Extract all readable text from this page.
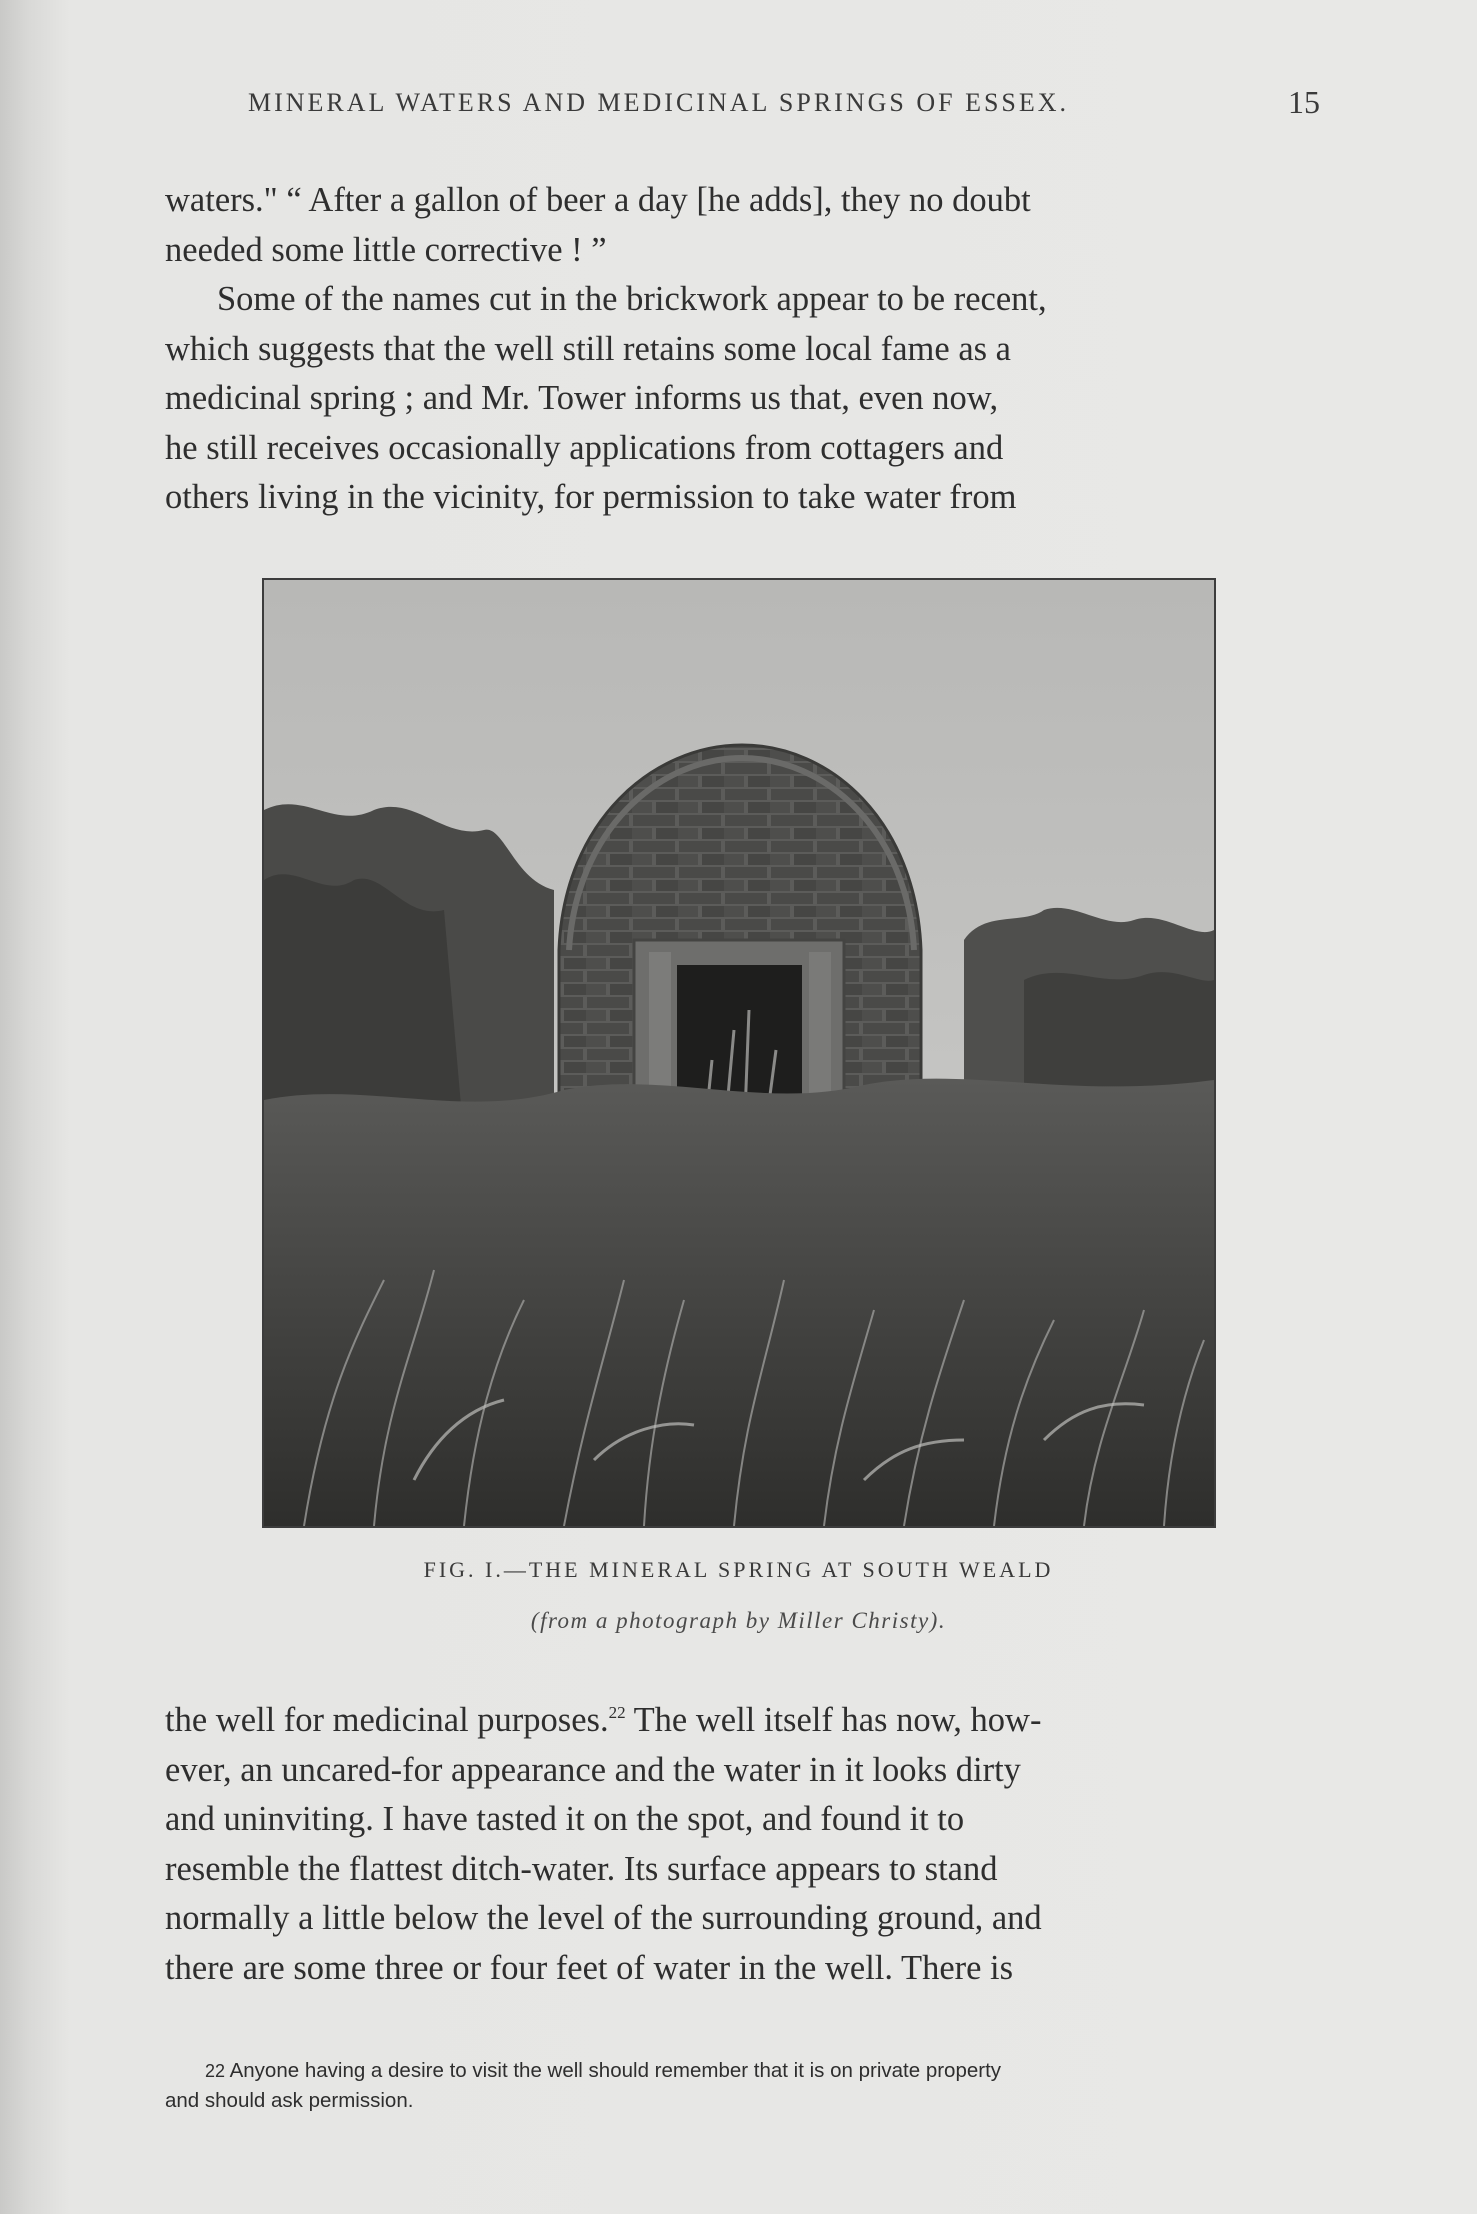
MINERAL WATERS AND MEDICINAL SPRINGS OF ESSEX.	15
waters." “ After a gallon of beer a day [he adds], they no doubt
needed some little corrective ! ”
Some of the names cut in the brickwork appear to be recent,
which suggests that the well still retains some local fame as a
medicinal spring ; and Mr. Tower informs us that, even now,
he still receives occasionally applications from cottagers and
others living in the vicinity, for permission to take water from
FIG. I.—THE MINERAL SPRING AT SOUTH WEALD
(from a photograph by Miller Christy).
the well for medicinal purposes.$^{22}$ The well itself has now, how-
ever, an uncared-for appearance and the water in it looks dirty
and uninviting. I have tasted it on the spot, and found it to
resemble the flattest ditch-water. Its surface appears to stand
normally a little below the level of the surrounding ground, and
there are some three or four feet of water in the well. There is
22 Anyone having a desire to visit the well should remember that it is on private property
and should ask permission.
